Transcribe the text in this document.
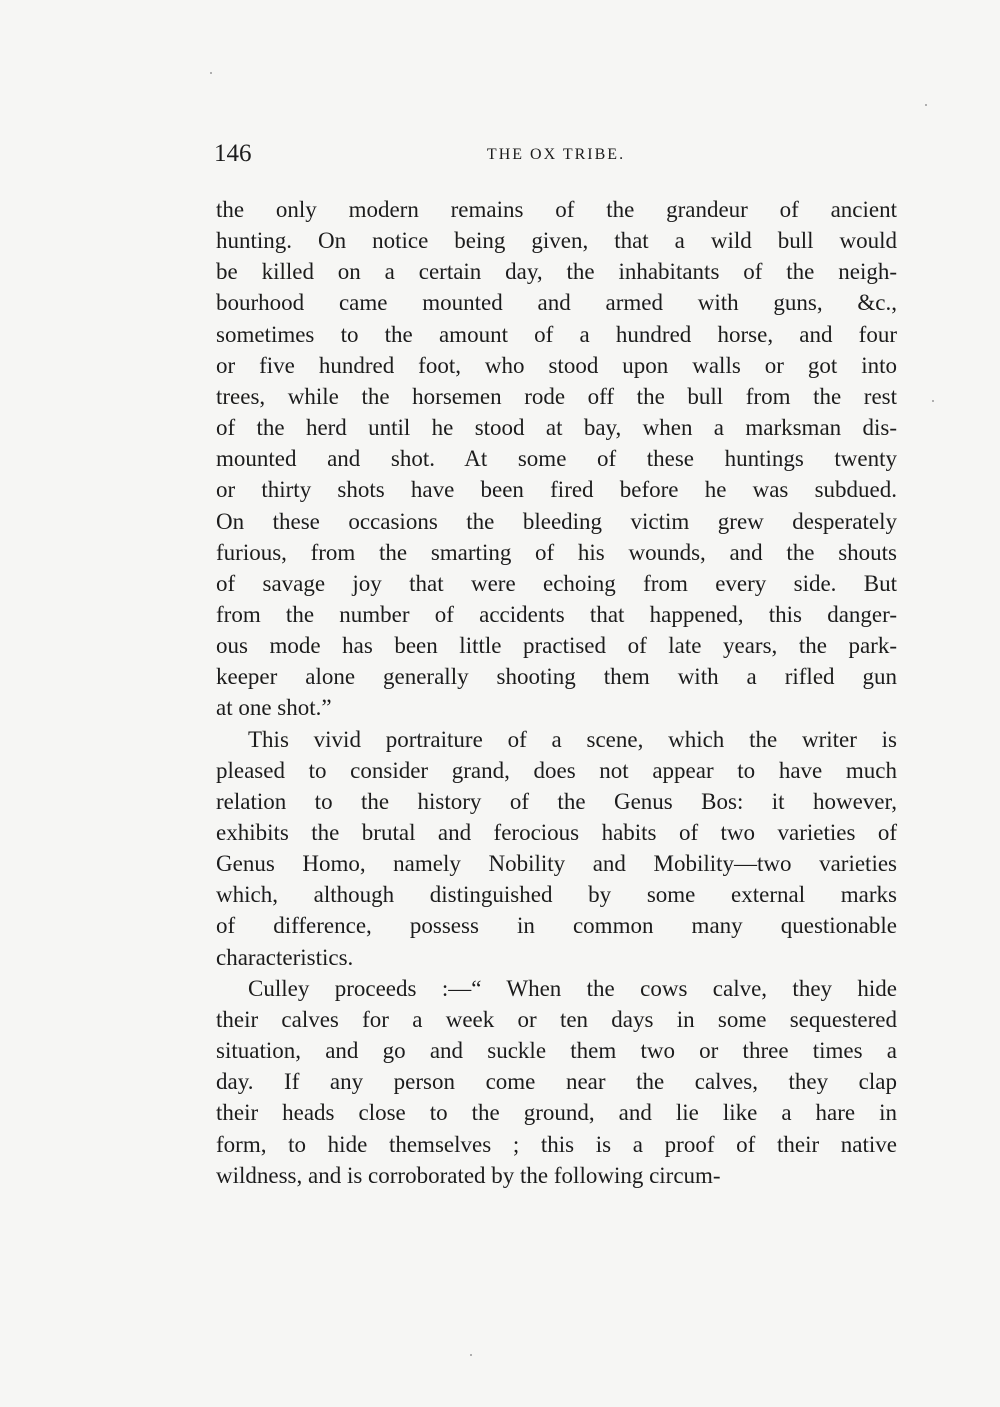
146	THE OX TRIBE.
the only modern remains of the grandeur of ancient
hunting. On notice being given, that a wild bull would
be killed on a certain day, the inhabitants of the neigh-
bourhood came mounted and armed with guns, &c.,
sometimes to the amount of a hundred horse, and four
or five hundred foot, who stood upon walls or got into
trees, while the horsemen rode off the bull from the rest
of the herd until he stood at bay, when a marksman dis-
mounted and shot. At some of these huntings twenty
or thirty shots have been fired before he was subdued.
On these occasions the bleeding victim grew desperately
furious, from the smarting of his wounds, and the shouts
of savage joy that were echoing from every side. But
from the number of accidents that happened, this danger-
ous mode has been little practised of late years, the park-
keeper alone generally shooting them with a rifled gun
at one shot.”
This vivid portraiture of a scene, which the writer is
pleased to consider grand, does not appear to have much
relation to the history of the Genus Bos: it however,
exhibits the brutal and ferocious habits of two varieties of
Genus Homo, namely Nobility and Mobility—two varieties
which, although distinguished by some external marks
of difference, possess in common many questionable
characteristics.
Culley proceeds :—“ When the cows calve, they hide
their calves for a week or ten days in some sequestered
situation, and go and suckle them two or three times a
day. If any person come near the calves, they clap
their heads close to the ground, and lie like a hare in
form, to hide themselves ; this is a proof of their native
wildness, and is corroborated by the following circum-
